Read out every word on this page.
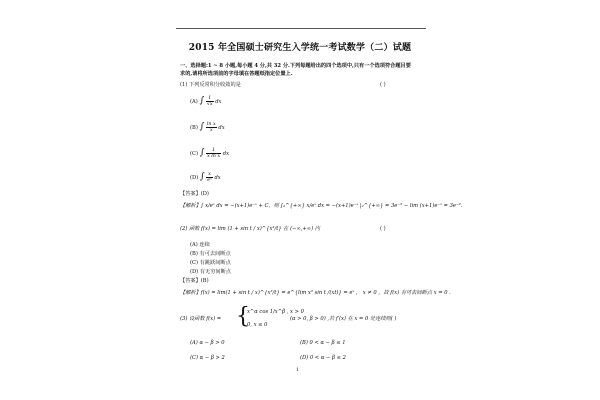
2015 年全国硕士研究生入学统一考试数学（二）试题
一、选择题:1 ~ 8 小题,每小题 4 分,共 32 分.下列每题给出的四个选项中,只有一个选项符合题目要
求的,请将所选项前的字母填在答题纸指定位置上.
(1) 下列反常积分收敛的是	( )
(A) ∫ $\frac{1}{√x}$ dx
(B) ∫ $\frac{\text{ln x}}{x}$ dx
(C) ∫ $\frac{1}{\text{x ln x}}$ dx
(D) ∫ $\frac{x}{\text{eˣ}}$ dx
【答案】(D)
【解析】∫ x/eˣ dx = −(x+1)e⁻ˣ + C，则 ∫₂^{+∞} x/eˣ dx = −(x+1)e⁻ˣ |₂^{+∞} = 3e⁻² − lim (x+1)e⁻ˣ = 3e⁻².
(2) 函数 f(x) = lim (1 + sin t / x)^{x²/t} 在 (−∞,+∞) 内	( )
(A) 连续
(B) 有可去间断点
(C) 有跳跃间断点
(D) 有无穷间断点
【答案】(B)
【解析】f(x) = lim(1 + sin t / x)^{x²/t} = e^{lim x² sin t /(xt)} = eˣ ， x ≠ 0 ，故 f(x) 有可去间断点 x = 0 .
(3) 设函数 f(x) = {
x^α cos 1/x^β , x > 0
0, x ≤ 0
(α > 0, β > 0) ,若 f′(x) 在 x = 0 处连续则( )
(A) α − β > 0	(B) 0 < α − β ≤ 1
(C) α − β > 2	(D) 0 < α − β ≤ 2
1
